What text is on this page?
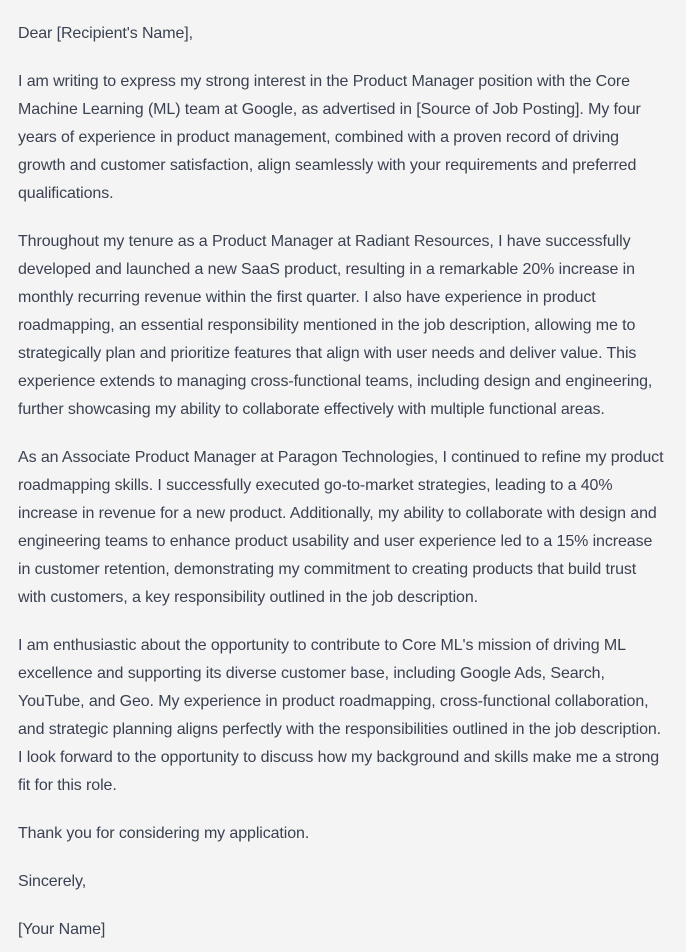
Dear [Recipient's Name],

I am writing to express my strong interest in the Product Manager position with the Core Machine Learning (ML) team at Google, as advertised in [Source of Job Posting]. My four years of experience in product management, combined with a proven record of driving growth and customer satisfaction, align seamlessly with your requirements and preferred qualifications.

Throughout my tenure as a Product Manager at Radiant Resources, I have successfully developed and launched a new SaaS product, resulting in a remarkable 20% increase in monthly recurring revenue within the first quarter. I also have experience in product roadmapping, an essential responsibility mentioned in the job description, allowing me to strategically plan and prioritize features that align with user needs and deliver value. This experience extends to managing cross-functional teams, including design and engineering, further showcasing my ability to collaborate effectively with multiple functional areas.

As an Associate Product Manager at Paragon Technologies, I continued to refine my product roadmapping skills. I successfully executed go-to-market strategies, leading to a 40% increase in revenue for a new product. Additionally, my ability to collaborate with design and engineering teams to enhance product usability and user experience led to a 15% increase in customer retention, demonstrating my commitment to creating products that build trust with customers, a key responsibility outlined in the job description.

I am enthusiastic about the opportunity to contribute to Core ML's mission of driving ML excellence and supporting its diverse customer base, including Google Ads, Search, YouTube, and Geo. My experience in product roadmapping, cross-functional collaboration, and strategic planning aligns perfectly with the responsibilities outlined in the job description. I look forward to the opportunity to discuss how my background and skills make me a strong fit for this role.

Thank you for considering my application.

Sincerely,

[Your Name]
